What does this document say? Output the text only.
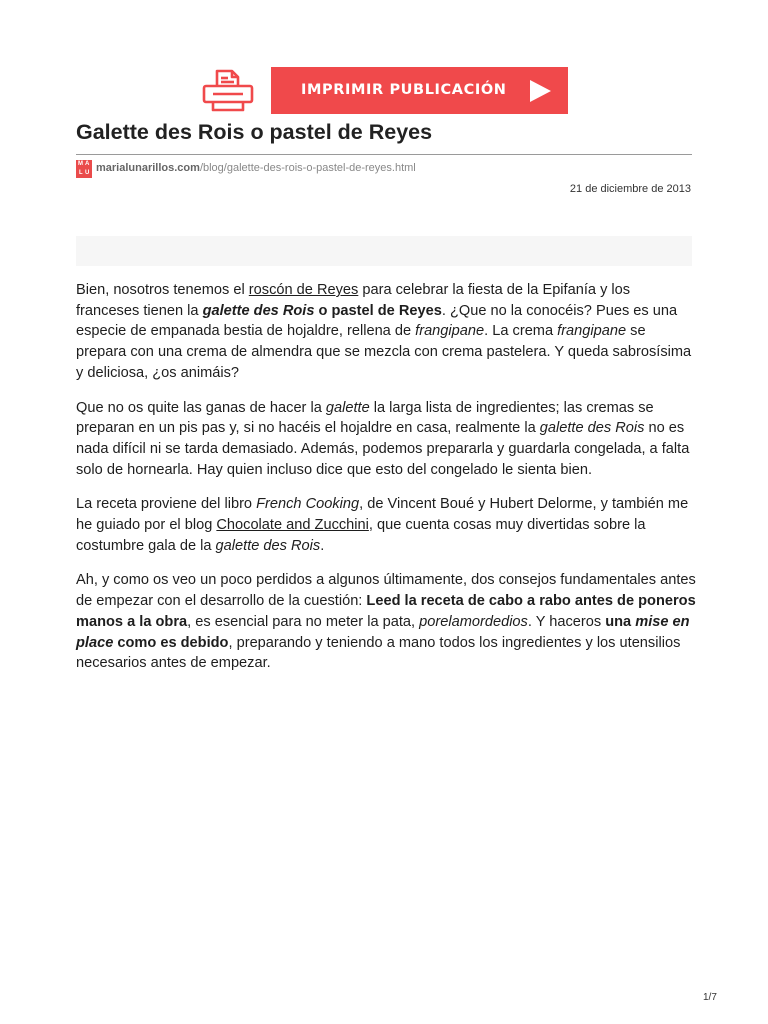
IMPRIMIR PUBLICACIÓN
Galette des Rois o pastel de Reyes
M A
L U marialunarillos.com/blog/galette-des-rois-o-pastel-de-reyes.html
21 de diciembre de 2013

Bien, nosotros tenemos el roscón de Reyes para celebrar la fiesta de la Epifanía y los franceses tienen la galette des Rois o pastel de Reyes. ¿Que no la conocéis? Pues es una especie de empanada bestia de hojaldre, rellena de frangipane. La crema frangipane se prepara con una crema de almendra que se mezcla con crema pastelera. Y queda sabrosísima y deliciosa, ¿os animáis?

Que no os quite las ganas de hacer la galette la larga lista de ingredientes; las cremas se preparan en un pis pas y, si no hacéis el hojaldre en casa, realmente la galette des Rois no es nada difícil ni se tarda demasiado. Además, podemos prepararla y guardarla congelada, a falta solo de hornearla. Hay quien incluso dice que esto del congelado le sienta bien.

La receta proviene del libro French Cooking, de Vincent Boué y Hubert Delorme, y también me he guiado por el blog Chocolate and Zucchini, que cuenta cosas muy divertidas sobre la costumbre gala de la galette des Rois.

Ah, y como os veo un poco perdidos a algunos últimamente, dos consejos fundamentales antes de empezar con el desarrollo de la cuestión: Leed la receta de cabo a rabo antes de poneros manos a la obra, es esencial para no meter la pata, porelamordedios. Y haceros una mise en place como es debido, preparando y teniendo a mano todos los ingredientes y los utensilios necesarios antes de empezar.

1/7
